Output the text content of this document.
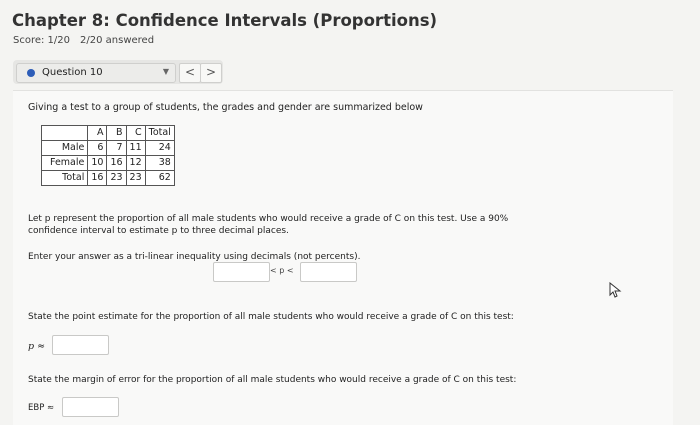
Chapter 8: Confidence Intervals (Proportions)
Score: 1/20 2/20 answered
Question 10	▼	< >
Giving a test to a group of students, the grades and gender are summarized below
	A	B	C	Total
Male	6	7	11	24
Female	10	16	12	38
Total	16	23	23	62
Let p represent the proportion of all male students who would receive a grade of C on this test. Use a 90% confidence interval to estimate p to three decimal places.
Enter your answer as a tri-linear inequality using decimals (not percents).
< p <
State the point estimate for the proportion of all male students who would receive a grade of C on this test:
p ≈
State the margin of error for the proportion of all male students who would receive a grade of C on this test:
EBP ≈
